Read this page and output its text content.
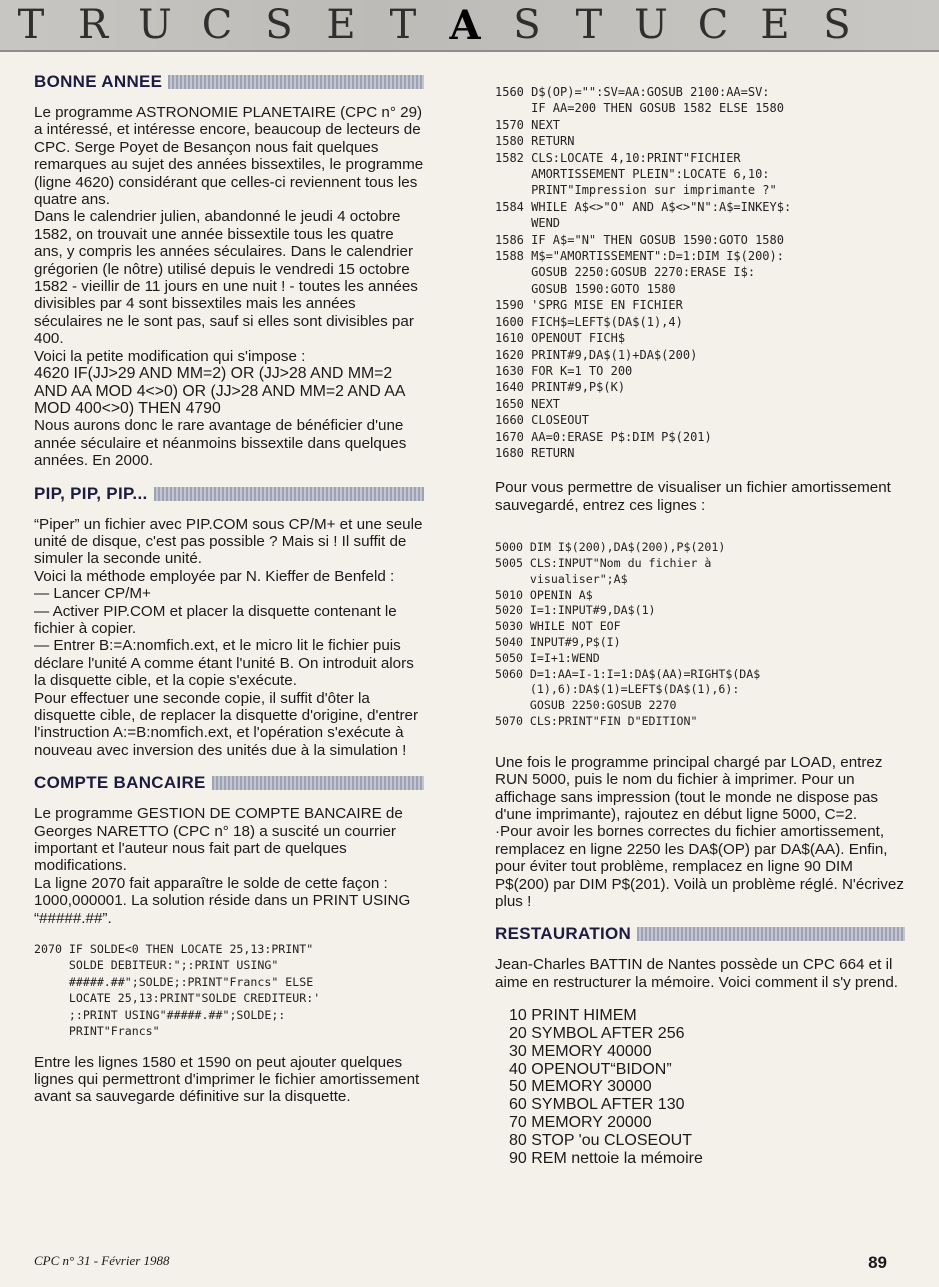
T R U C S E T A S T U C E S
BONNE ANNEE

Le programme ASTRONOMIE PLANETAIRE (CPC n° 29) a intéressé, et intéresse encore, beaucoup de lecteurs de CPC. Serge Poyet de Besançon nous fait quelques remarques au sujet des années bissextiles, le programme (ligne 4620) considérant que celles-ci reviennent tous les quatre ans.

Dans le calendrier julien, abandonné le jeudi 4 octobre 1582, on trouvait une année bissextile tous les quatre ans, y compris les années séculaires. Dans le calendrier grégorien (le nôtre) utilisé depuis le vendredi 15 octobre 1582 - vieillir de 11 jours en une nuit ! - toutes les années divisibles par 4 sont bissextiles mais les années séculaires ne le sont pas, sauf si elles sont divisibles par 400.

Voici la petite modification qui s'impose :

4620 IF(JJ>29 AND MM=2) OR (JJ>28 AND MM=2 AND AA MOD 4<>0) OR (JJ>28 AND MM=2 AND AA MOD 400<>0) THEN 4790

Nous aurons donc le rare avantage de bénéficier d'une année séculaire et néanmoins bissextile dans quelques années. En 2000.

PIP, PIP, PIP...

“Piper” un fichier avec PIP.COM sous CP/M+ et une seule unité de disque, c'est pas possible ? Mais si ! Il suffit de simuler la seconde unité.

Voici la méthode employée par N. Kieffer de Benfeld :

— Lancer CP/M+

— Activer PIP.COM et placer la disquette contenant le fichier à copier.

— Entrer B:=A:nomfich.ext, et le micro lit le fichier puis déclare l'unité A comme étant l'unité B. On introduit alors la disquette cible, et la copie s'exécute.

Pour effectuer une seconde copie, il suffit d'ôter la disquette cible, de replacer la disquette d'origine, d'entrer l'instruction A:=B:nomfich.ext, et l'opération s'exécute à nouveau avec inversion des unités due à la simulation !

COMPTE BANCAIRE

Le programme GESTION DE COMPTE BANCAIRE de Georges NARETTO (CPC n° 18) a suscité un courrier important et l'auteur nous fait part de quelques modifications.

La ligne 2070 fait apparaître le solde de cette façon : 1000,000001. La solution réside dans un PRINT USING “#####.##”.

2070 IF SOLDE<0 THEN LOCATE 25,13:PRINT"
SOLDE DEBITEUR:";:PRINT USING"
#####.##";SOLDE;:PRINT"Francs" ELSE
LOCATE 25,13:PRINT"SOLDE CREDITEUR:'
;:PRINT USING"#####.##";SOLDE;:
PRINT"Francs"

Entre les lignes 1580 et 1590 on peut ajouter quelques lignes qui permettront d'imprimer le fichier amortissement avant sa sauvegarde définitive sur la disquette.

1560 D$(OP)="":SV=AA:GOSUB 2100:AA=SV:
IF AA=200 THEN GOSUB 1582 ELSE 1580
1570 NEXT
1580 RETURN
1582 CLS:LOCATE 4,10:PRINT"FICHIER
AMORTISSEMENT PLEIN":LOCATE 6,10:
PRINT"Impression sur imprimante ?"
1584 WHILE A$<>"O" AND A$<>"N":A$=INKEY$:
WEND
1586 IF A$="N" THEN GOSUB 1590:GOTO 1580
1588 M$="AMORTISSEMENT":D=1:DIM I$(200):
GOSUB 2250:GOSUB 2270:ERASE I$:
GOSUB 1590:GOTO 1580
1590 'SPRG MISE EN FICHIER
1600 FICH$=LEFT$(DA$(1),4)
1610 OPENOUT FICH$
1620 PRINT#9,DA$(1)+DA$(200)
1630 FOR K=1 TO 200
1640 PRINT#9,P$(K)
1650 NEXT
1660 CLOSEOUT
1670 AA=0:ERASE P$:DIM P$(201)
1680 RETURN

Pour vous permettre de visualiser un fichier amortissement sauvegardé, entrez ces lignes :

5000 DIM I$(200),DA$(200),P$(201)
5005 CLS:INPUT"Nom du fichier à
visualiser";A$
5010 OPENIN A$
5020 I=1:INPUT#9,DA$(1)
5030 WHILE NOT EOF
5040 INPUT#9,P$(I)
5050 I=I+1:WEND
5060 D=1:AA=I-1:I=1:DA$(AA)=RIGHT$(DA$
(1),6):DA$(1)=LEFT$(DA$(1),6):
GOSUB 2250:GOSUB 2270
5070 CLS:PRINT"FIN D"EDITION"

Une fois le programme principal chargé par LOAD, entrez RUN 5000, puis le nom du fichier à imprimer. Pour un affichage sans impression (tout le monde ne dispose pas d'une imprimante), rajoutez en début ligne 5000, C=2.

·Pour avoir les bornes correctes du fichier amortissement, remplacez en ligne 2250 les DA$(OP) par DA$(AA). Enfin, pour éviter tout problème, remplacez en ligne 90 DIM P$(200) par DIM P$(201). Voilà un problème réglé. N'écrivez plus !

RESTAURATION

Jean-Charles BATTIN de Nantes possède un CPC 664 et il aime en restructurer la mémoire. Voici comment il s'y prend.

10 PRINT HIMEM
20 SYMBOL AFTER 256
30 MEMORY 40000
40 OPENOUT“BIDON”
50 MEMORY 30000
60 SYMBOL AFTER 130
70 MEMORY 20000
80 STOP 'ou CLOSEOUT
90 REM nettoie la mémoire
CPC n° 31 - Février 1988	89
